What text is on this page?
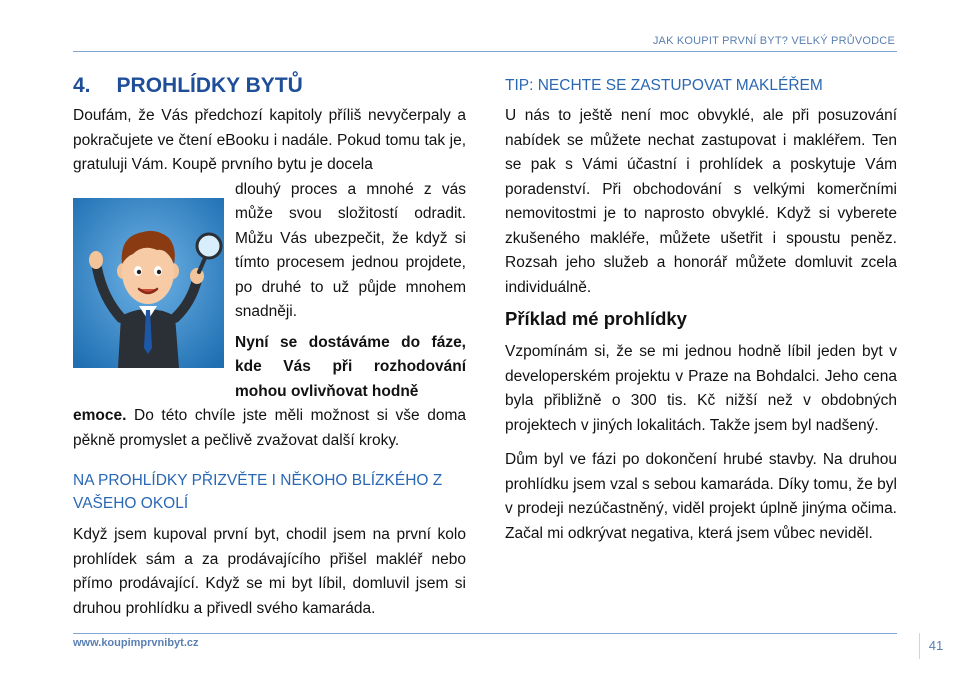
JAK KOUPIT PRVNÍ BYT? VELKÝ PRŮVODCE
4. PROHLÍDKY BYTŮ

Doufám, že Vás předchozí kapitoly příliš nevyčerpaly a pokračujete ve čtení eBooku i nadále. Pokud tomu tak je, gratuluji Vám. Koupě prvního bytu je docela

dlouhý proces a mnohé z vás může svou složitostí odradit. Můžu Vás ubezpečit, že když si tímto procesem jednou projdete, po druhé to už půjde mnohem snadněji.
Nyní se dostáváme do fáze, kde Vás při rozhodování mohou ovlivňovat hodně

emoce. Do této chvíle jste měli možnost si vše doma pěkně promyslet a pečlivě zvažovat další kroky.

NA PROHLÍDKY PŘIZVĚTE I NĚKOHO BLÍZKÉHO Z VAŠEHO OKOLÍ

Když jsem kupoval první byt, chodil jsem na první kolo prohlídek sám a za prodávajícího přišel makléř nebo přímo prodávající. Když se mi byt líbil, domluvil jsem si druhou prohlídku a přivedl svého kamaráda.

TIP: NECHTE SE ZASTUPOVAT MAKLÉŘEM

U nás to ještě není moc obvyklé, ale při posuzování nabídek se můžete nechat zastupovat i makléřem. Ten se pak s Vámi účastní i prohlídek a poskytuje Vám poradenství. Při obchodování s velkými komerčními nemovitostmi je to naprosto obvyklé. Když si vyberete zkušeného makléře, můžete ušetřit i spoustu peněz. Rozsah jeho služeb a honorář můžete domluvit zcela individuálně.

Příklad mé prohlídky

Vzpomínám si, že se mi jednou hodně líbil jeden byt v developerském projektu v Praze na Bohdalci. Jeho cena byla přibližně o 300 tis. Kč nižší než v obdobných projektech v jiných lokalitách. Takže jsem byl nadšený.

Dům byl ve fázi po dokončení hrubé stavby. Na druhou prohlídku jsem vzal s sebou kamaráda. Díky tomu, že byl v prodeji nezúčastněný, viděl projekt úplně jinýma očima. Začal mi odkrývat negativa, která jsem vůbec neviděl.

www.koupimprvnibyt.cz	41
